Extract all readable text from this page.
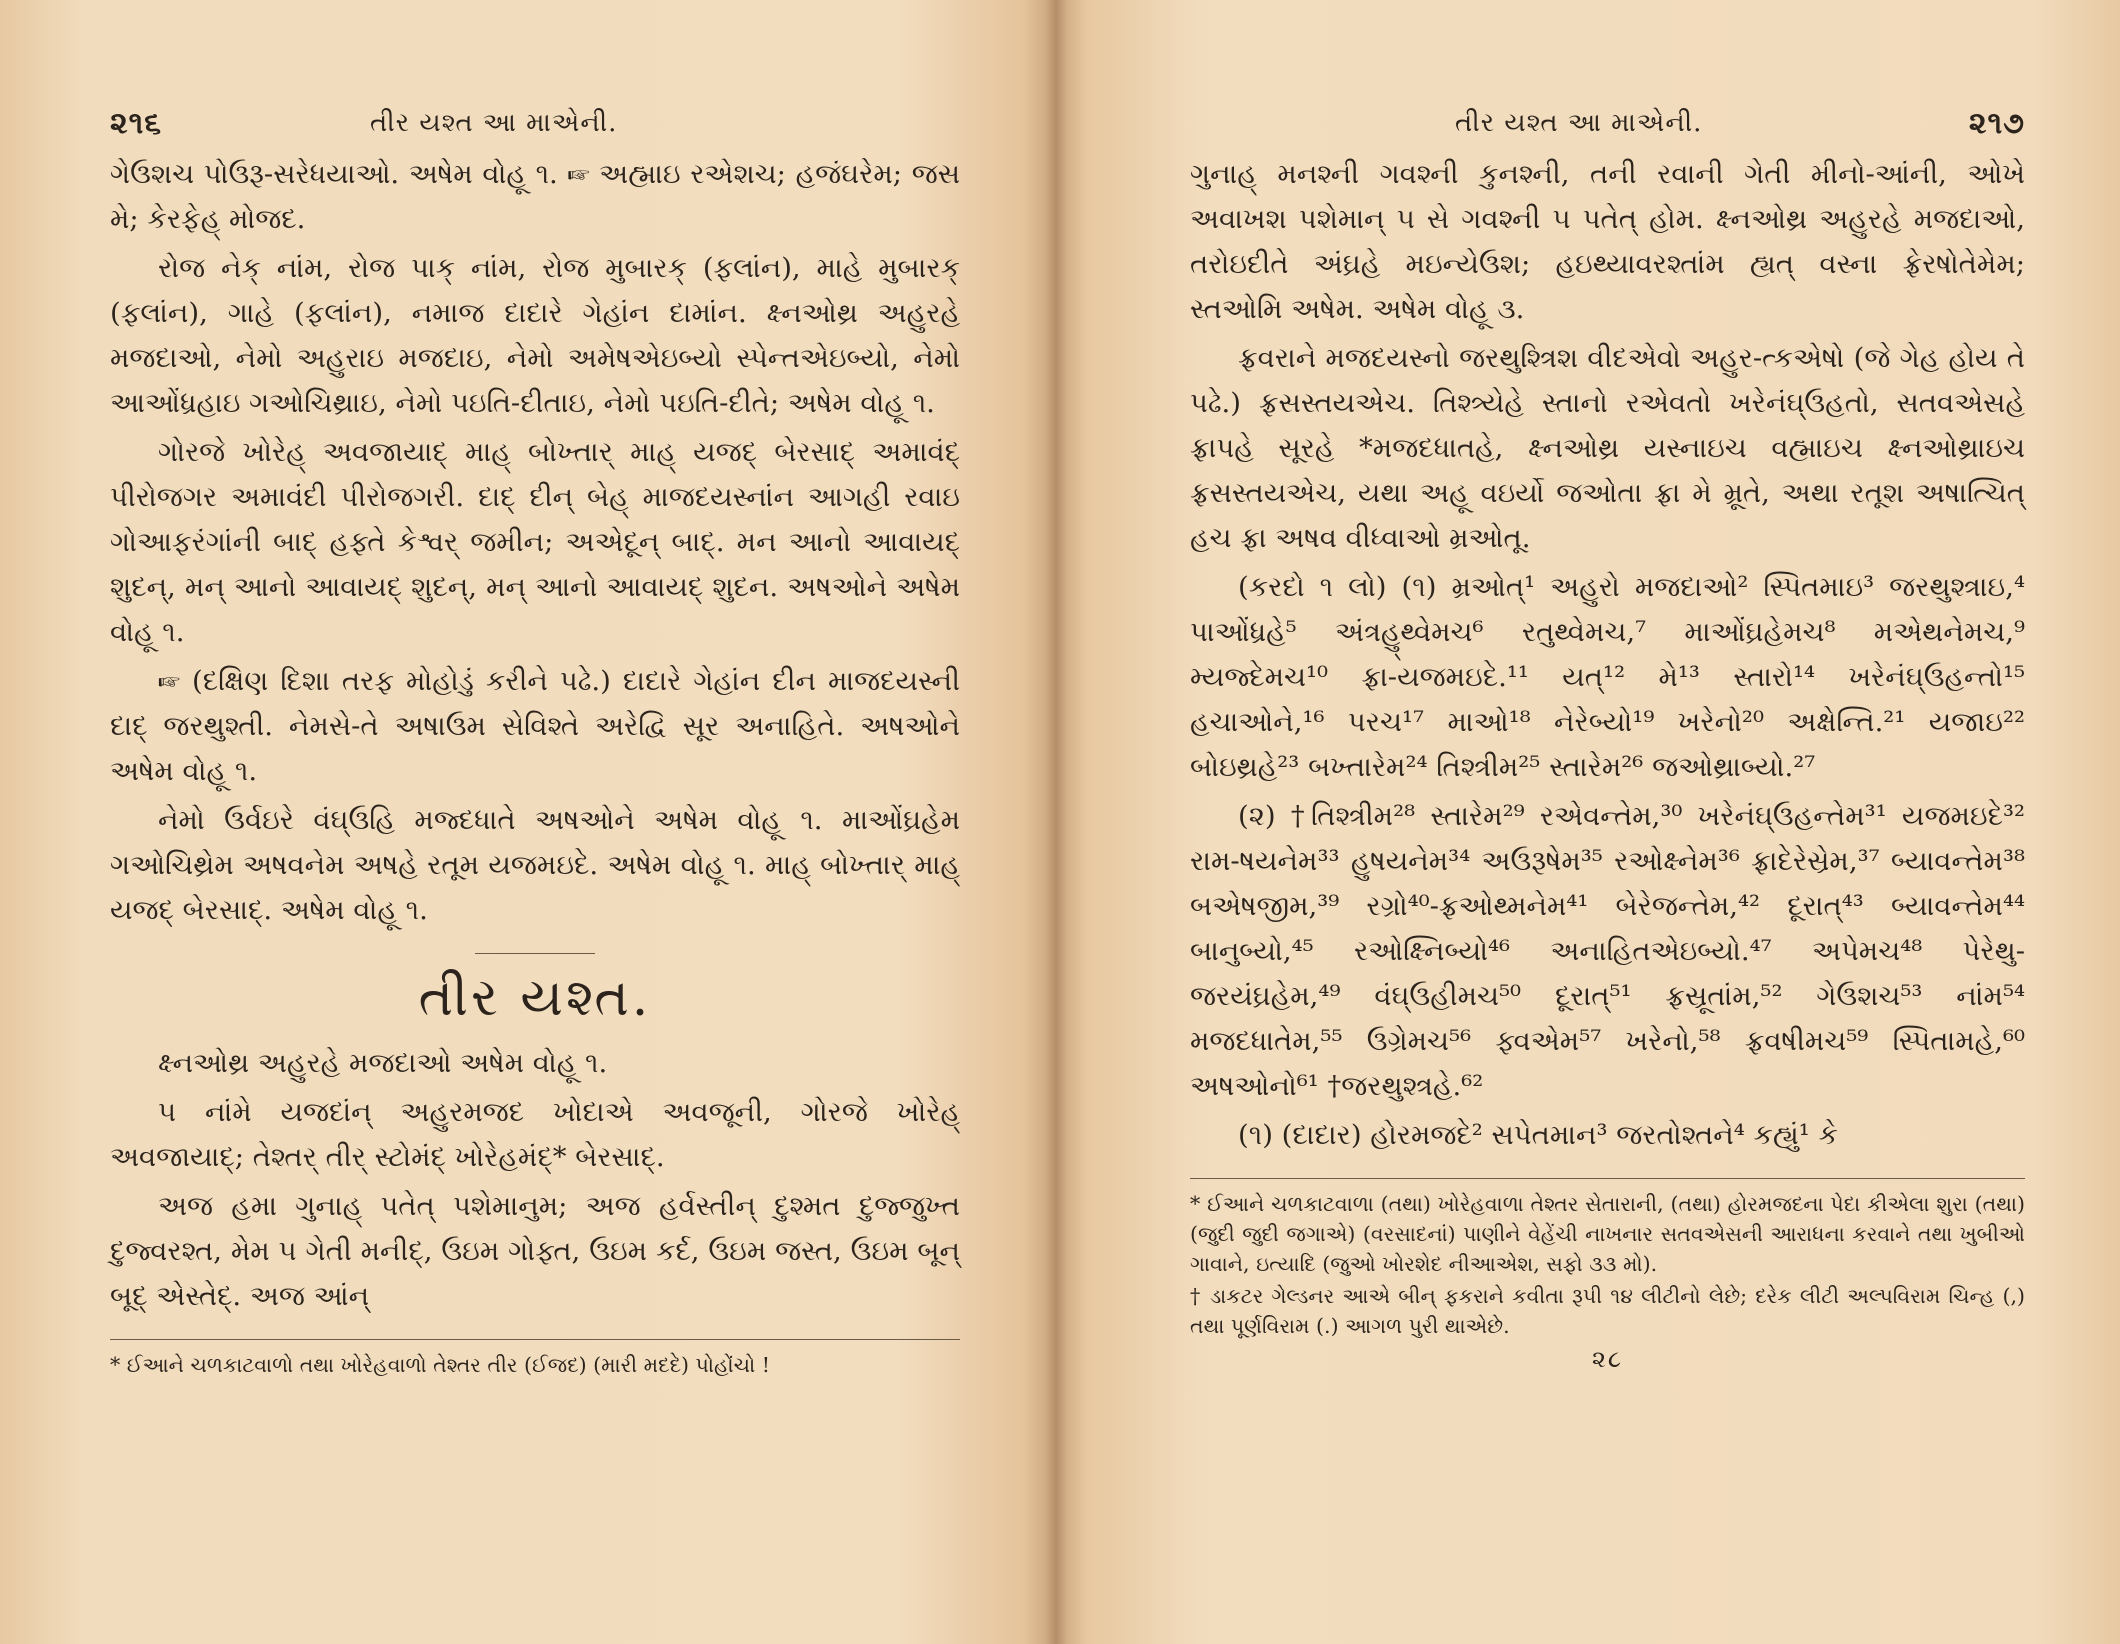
૨૧૬	તીર યશ્ત આ માએની.

ગેઉશચ પોઉરૂ-સરેધયાઓ. અષેમ વોહૂ ૧. ☞ અહ્માઇ રએશચ; હજંઘરેમ; જસ મે; કેરફેહ્ મોજદ.

રોજ નેક્ નાંમ, રોજ પાક્ નાંમ, રોજ મુબારક્ (ફલાંન), માહે મુબારક્ (ફલાંન), ગાહે (ફલાંન), નમાજ દાદારે ગેહાંન દામાંન. ક્ષ્નઓથ્ર અહુરહે મજદાઓ, નેમો અહુરાઇ મજદાઇ, નેમો અમેષએઇબ્યો સ્પેન્તએઇબ્યો, નેમો આઓંધ્રહાઇ ગઓચિથ્રાઇ, નેમો પઇતિ-દીતાઇ, નેમો પઇતિ-દીતે; અષેમ વોહૂ ૧.

ગોરજે ખોરેહ્ અવજાયાદ્ માહ્ બોખ્તાર્ માહ્ યજદ્ બેરસાદ્ અમાવંદ્ પીરોજગર અમાવંદી પીરોજગરી. દાદ્ દીન્ બેહ્ માજદયસ્નાંન આગહી રવાઇ ગોઆફરંગાંની બાદ્ હફ્તે કેશ્વર્ જમીન; અએદૂન્ બાદ્. મન આનો આવાયદ્ શુદન્, મન્ આનો આવાયદ્ શુદન્, મન્ આનો આવાયદ્ શુદન. અષઓને અષેમ વોહૂ ૧.

☞ (દક્ષિણ દિશા તરફ મોહોડું કરીને પઢે.) દાદારે ગેહાંન દીન માજદયસ્ની દાદ્ જરથુશ્તી. નેમસે-તે અષાઉમ સેવિશ્તે અરેદ્વિ સૂર અનાહિતે. અષઓને અષેમ વોહૂ ૧.

નેમો ઉર્વઇરે વંઘ્ઉહિ મજ્દધાતે અષઓને અષેમ વોહૂ ૧. માઓંઘ્રહેમ ગઓચિથ્રેમ અષવનેમ અષહે રતૂમ યજમઇદે. અષેમ વોહૂ ૧. માહ્ બોખ્તાર્ માહ્ યજદ્ બેરસાદ્. અષેમ વોહૂ ૧.

તીર યશ્ત.

ક્ષ્નઓથ્ર અહુરહે મજદાઓ અષેમ વોહૂ ૧.

૫ નાંમે યજદાંન્ અહુરમજદ ખોદાએ અવજૂની, ગોરજે ખોરેહ્ અવજાયાદ્; તેશ્તર્ તીર્ સ્ટોમંદ્ ખોરેહમંદ્* બેરસાદ્.

અજ હમા ગુનાહ્ પતેત્ પશેમાનુમ; અજ હર્વસ્તીન્ દુશ્મત દુજ્જુખ્ત દુજ્વરશ્ત, મેમ ૫ ગેતી મનીદ્, ઉઇમ ગોફ્ત, ઉઇમ કર્દ, ઉઇમ જસ્ત, ઉઇમ બૂન્ બૂદ્ એસ્તેદ્. અજ આંન્

* ઈઆને ચળકાટવાળો તથા ખોરેહવાળો તેશ્તર તીર (ઈજદ) (મારી મદદે) પોહોંચો !

તીર યશ્ત આ માએની.	૨૧૭

ગુનાહ્ મનશ્ની ગવશ્ની કુનશ્ની, તની રવાની ગેતી મીનો-આંની, ઓખે અવાખશ પશેમાન્ ૫ સે ગવશ્ની ૫ પતેત્ હોમ. ક્ષ્નઓથ્ર અહુરહે મજદાઓ, તરોઇદીતે અંઘ્રહે મઇન્યેઉશ; હઇથ્યાવરશ્તાંમ હ્યત્ વસ્ના ફ્રેરષોતેમેમ; સ્તઓમિ અષેમ. અષેમ વોહૂ ૩.

ફ્રવરાને મજદયસ્નો જરથુશ્ત્રિશ વીદએવો અહુર-ત્કએષો (જે ગેહ હોય તે પઢે.) ફ્રસસ્તયએચ. તિશ્ત્ર્યેહે સ્તાનો રએવતો ખરેનંઘ્ઉહતો, સતવએસહે ફ્રાપહે સૂરહે *મજદધાતહે, ક્ષ્નઓથ્ર યસ્નાઇચ વહ્માઇચ ક્ષ્નઓથ્રાઇચ ફ્રસસ્તયએચ, યથા અહૂ વઇર્યો જઓતા ફ્રા મે મ્રૂતે, અથા રતૂશ અષાત્ચિત્ હચ ફ્રા અષવ વીધ્વાઓ મ્રઓતૂ.

(કરદો ૧ લો) (૧) મ્રઓત્¹ અહુરો મજદાઓ² સ્પિતમાઇ³ જરથુશ્ત્રાઇ,⁴ પાઓંધ્રહે⁵ અંત્રહુ્થ્વેમચ⁶ રતુથ્વેમચ,⁷ માઓંઘ્રહેમચ⁸ મએથનેમચ,⁹ મ્યજ્દેમચ¹⁰ ફ્રા-યજમઇદે.¹¹ યત્¹² મે¹³ સ્તારો¹⁴ ખરેનંઘ્ઉહન્તો¹⁵ હચાઓને,¹⁶ પરચ¹⁷ માઓ¹⁸ નેરેબ્યો¹⁹ ખરેનો²⁰ અક્ષેન્તિ.²¹ યજાઇ²² બોઇથ્રહે²³ બખ્તારેમ²⁴ તિશ્ત્રીમ²⁵ સ્તારેમ²⁶ જઓથ્રાબ્યો.²⁷

(૨) †તિશ્ત્રીમ²⁸ સ્તારેમ²⁹ રએવન્તેમ,³⁰ ખરેનંઘ્ઉહન્તેમ³¹ યજમઇદે³² રામ-ષયનેમ³³ હુષયનેમ³⁴ અઉરૂષેમ³⁵ રઓક્ષ્નેમ³⁶ ફ્રાદેરેસ્રેમ,³⁷ બ્યાવન્તેમ³⁸ બએષજીમ,³⁹ રગ્રો⁴⁰-ફ્રઓથ્મનેમ⁴¹ બેરેજન્તેમ,⁴² દૂરાત્⁴³ બ્યાવન્તેમ⁴⁴ બાનુબ્યો,⁴⁵ રઓક્ષ્નિબ્યો⁴⁶ અનાહિતએઇબ્યો.⁴⁷ અપેમચ⁴⁸ પેરેથુ-જરયંઘ્રહેમ,⁴⁹ વંઘ્ઉહીમચ⁵⁰ દૂરાત્⁵¹ ફ્રસ્રૂતાંમ,⁵² ગેઉશચ⁵³ નાંમ⁵⁴ મજદધાતેમ,⁵⁵ ઉગ્રેમચ⁵⁶ ફ્વએમ⁵⁷ ખરેનો,⁵⁸ ફ્રવષીમચ⁵⁹ સ્પિતામહે,⁶⁰ અષઓનો⁶¹ †જરથુશ્ત્રહે.⁶²

(૧) (દાદાર) હોરમજદે² સપેતમાન³ જરતોશ્તને⁴ કહ્યું¹ કે

* ઈઆને ચળકાટવાળા (તથા) ખોરેહવાળા તેશ્તર સેતારાની, (તથા) હોરમજદના પેદા કીએલા શુરા (તથા) (જુદી જુદી જગાએ) (વરસાદનાં) પાણીને વેહેંચી નાખનાર સતવએસની આરાધના કરવાને તથા ખુબીઓ ગાવાને, ઇત્યાદિ (જુઓ ખોરશેદ નીઆએશ, સફો ૩૩ મો).

† ડાકટર ગેલ્ડનર આએ બીન્ ફકરાને કવીતા રૂપી ૧૪ લીટીનો લેછે; દરેક લીટી અલ્પવિરામ ચિન્હ (,) તથા પૂર્ણવિરામ (.) આગળ પુરી થાએછે.

૨૮
